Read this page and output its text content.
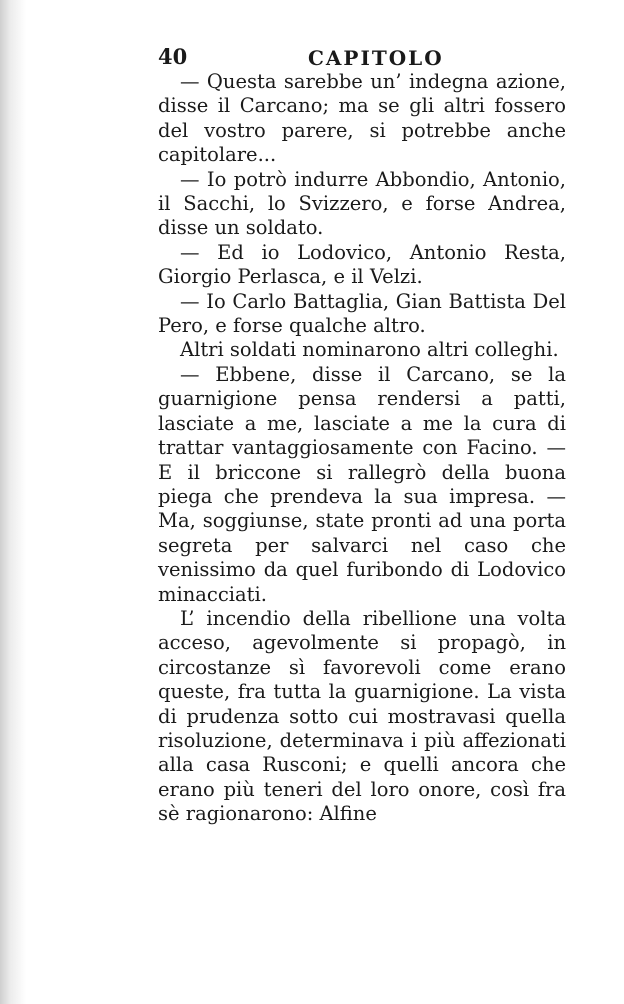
40	CAPITOLO

— Questa sarebbe un’ indegna azione, disse il Carcano; ma se gli altri fossero del vostro parere, si potrebbe anche capitolare...

— Io potrò indurre Abbondio, Antonio, il Sacchi, lo Svizzero, e forse Andrea, disse un soldato.

— Ed io Lodovico, Antonio Resta, Giorgio Perlasca, e il Velzi.

— Io Carlo Battaglia, Gian Battista Del Pero, e forse qualche altro.

Altri soldati nominarono altri colleghi.

— Ebbene, disse il Carcano, se la guarnigione pensa rendersi a patti, lasciate a me, lasciate a me la cura di trattar vantaggiosamente con Facino. — E il briccone si rallegrò della buona piega che prendeva la sua impresa. — Ma, soggiunse, state pronti ad una porta segreta per salvarci nel caso che venissimo da quel furibondo di Lodovico minacciati.

L’ incendio della ribellione una volta acceso, agevolmente si propagò, in circostanze sì favorevoli come erano queste, fra tutta la guarnigione. La vista di prudenza sotto cui mostravasi quella risoluzione, determinava i più affezionati alla casa Rusconi; e quelli ancora che erano più teneri del loro onore, così fra sè ragionarono: Alfine
